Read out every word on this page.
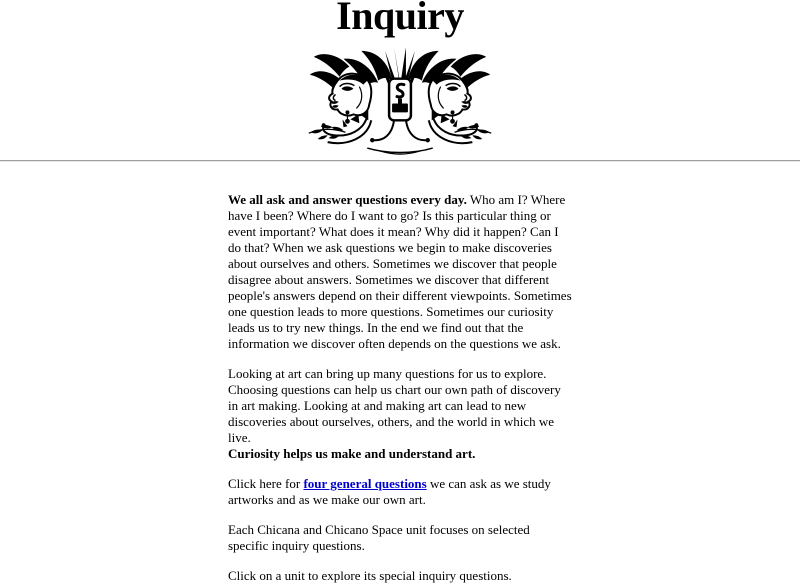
Inquiry

We all ask and answer questions every day. Who am I? Where have I been? Where do I want to go? Is this particular thing or event important? What does it mean? Why did it happen? Can I do that? When we ask questions we begin to make discoveries about ourselves and others. Sometimes we discover that people disagree about answers. Sometimes we discover that different people's answers depend on their different viewpoints. Sometimes one question leads to more questions. Sometimes our curiosity leads us to try new things. In the end we find out that the information we discover often depends on the questions we ask.

Looking at art can bring up many questions for us to explore. Choosing questions can help us chart our own path of discovery in art making. Looking at and making art can lead to new discoveries about ourselves, others, and the world in which we live.
Curiosity helps us make and understand art.

Click here for four general questions we can ask as we study artworks and as we make our own art.

Each Chicana and Chicano Space unit focuses on selected specific inquiry questions.

Click on a unit to explore its special inquiry questions.
